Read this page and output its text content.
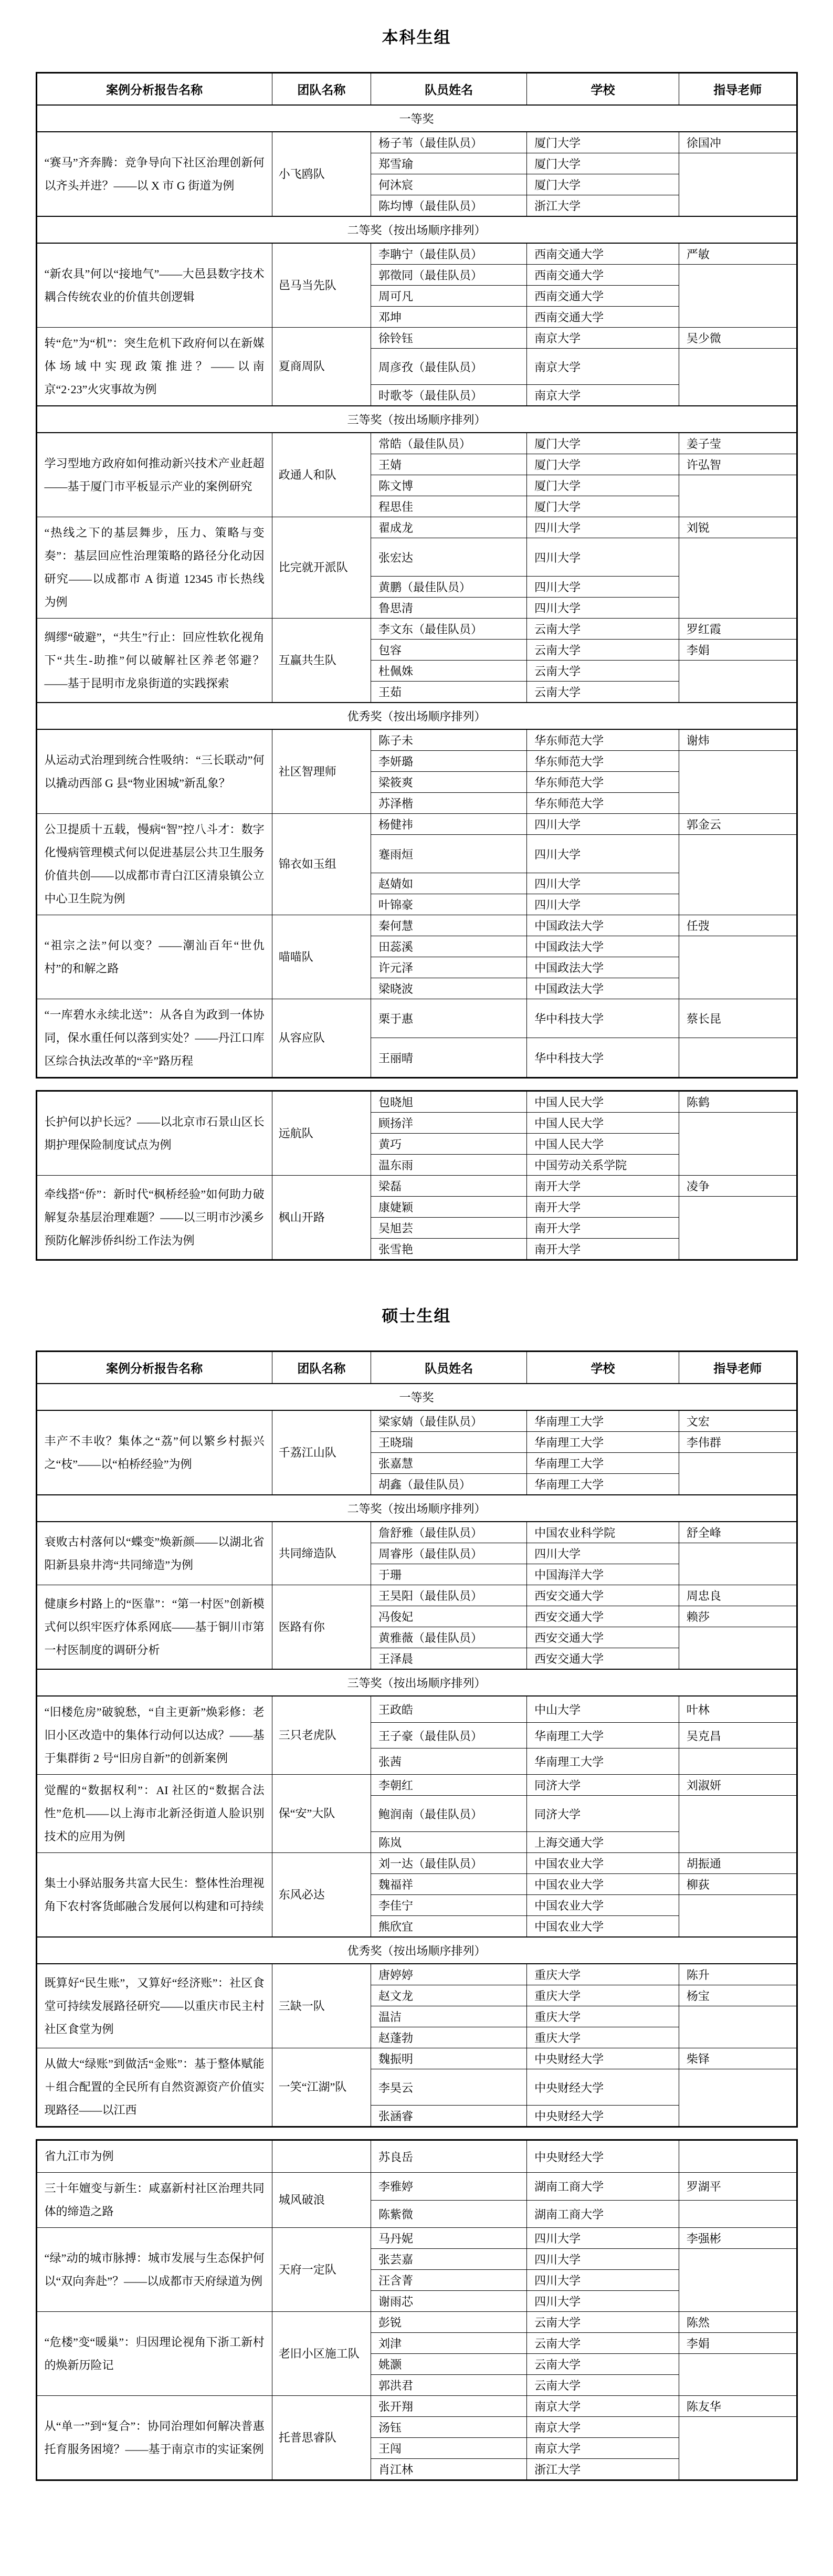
本科生组
案例分析报告名称	团队名称	队员姓名	学校	指导老师
一等奖				
“赛马”齐奔腾：竞争导向下社区治理创新何以齐头并进？——以 X 市 G 街道为例	小飞鸥队	杨子苇（最佳队员）	厦门大学	徐国冲
		郑雪瑜	厦门大学	
		何沐宸	厦门大学	
		陈均博（最佳队员）	浙江大学	
二等奖（按出场顺序排列）				
“新农具”何以“接地气”——大邑县数字技术耦合传统农业的价值共创逻辑	邑马当先队	李聃宁（最佳队员）	西南交通大学	严敏
		郭徵同（最佳队员）	西南交通大学	
		周可凡	西南交通大学	
		邓坤	西南交通大学	
转“危”为“机”：突生危机下政府何以在新媒体场域中实现政策推进？——以南京“2·23”火灾事故为例	夏商周队	徐铃钰	南京大学	吴少微
		周彦孜（最佳队员）	南京大学	
		时歌苓（最佳队员）	南京大学	
三等奖（按出场顺序排列）				
学习型地方政府如何推动新兴技术产业赶超——基于厦门市平板显示产业的案例研究	政通人和队	常皓（最佳队员）	厦门大学	姜子莹
		王婧	厦门大学	许弘智
		陈文博	厦门大学	
		程思佳	厦门大学	
“热线之下的基层舞步，压力、策略与变奏”：基层回应性治理策略的路径分化动因研究——以成都市 A 街道 12345 市长热线为例	比完就开派队	翟成龙	四川大学	刘锐
		张宏达	四川大学	
		黄鹏（最佳队员）	四川大学	
		鲁思清	四川大学	
绸缪“破避”，“共生”行止：回应性软化视角下“共生-助推”何以破解社区养老邻避？——基于昆明市龙泉街道的实践探索	互赢共生队	李文东（最佳队员）	云南大学	罗红霞
		包容	云南大学	李娟
		杜佩姝	云南大学	
		王茹	云南大学	
优秀奖（按出场顺序排列）				
从运动式治理到统合性吸纳：“三长联动”何以撬动西部 G 县“物业困城”新乱象？	社区智理师	陈子未	华东师范大学	谢炜
		李妍璐	华东师范大学	
		梁筱爽	华东师范大学	
		苏泽楷	华东师范大学	
公卫提质十五载，慢病“智”控八斗才：数字化慢病管理模式何以促进基层公共卫生服务价值共创——以成都市青白江区清泉镇公立中心卫生院为例	锦衣如玉组	杨健祎	四川大学	郭金云
		蹇雨烜	四川大学	
		赵婧如	四川大学	
		叶锦豪	四川大学	
“祖宗之法”何以变？——潮汕百年“世仇村”的和解之路	喵喵队	秦何慧	中国政法大学	任弢
		田蕊溪	中国政法大学	
		许元泽	中国政法大学	
		梁晓波	中国政法大学	
“一库碧水永续北送”：从各自为政到一体协同，保水重任何以落到实处？——丹江口库区综合执法改革的“辛”路历程	从容应队	栗于惠	华中科技大学	蔡长昆
		王丽晴	华中科技大学	
长护何以护长远？——以北京市石景山区长期护理保险制度试点为例	远航队	包晓旭	中国人民大学	陈鹤
		顾扬洋	中国人民大学	
		黄巧	中国人民大学	
		温东雨	中国劳动关系学院	
牵线搭“侨”：新时代“枫桥经验”如何助力破解复杂基层治理难题？——以三明市沙溪乡预防化解涉侨纠纷工作法为例	枫山开路	梁磊	南开大学	凌争
		康婕颖	南开大学	
		吴旭芸	南开大学	
		张雪艳	南开大学	
硕士生组
案例分析报告名称	团队名称	队员姓名	学校	指导老师
一等奖				
丰产不丰收？集体之“荔”何以繁乡村振兴之“枝”——以“柏桥经验”为例	千荔江山队	梁家婧（最佳队员）	华南理工大学	文宏
		王晓瑞	华南理工大学	李伟群
		张嘉慧	华南理工大学	
		胡鑫（最佳队员）	华南理工大学	
二等奖（按出场顺序排列）				
衰败古村落何以“蝶变”焕新颜——以湖北省阳新县泉井湾“共同缔造”为例	共同缔造队	詹舒雅（最佳队员）	中国农业科学院	舒全峰
		周睿彤（最佳队员）	四川大学	
		于珊	中国海洋大学	
健康乡村路上的“医靠”：“第一村医”创新模式何以织牢医疗体系网底——基于铜川市第一村医制度的调研分析	医路有你	王昊阳（最佳队员）	西安交通大学	周忠良
		冯俊妃	西安交通大学	赖莎
		黄雅薇（最佳队员）	西安交通大学	
		王泽晨	西安交通大学	
三等奖（按出场顺序排列）				
“旧楼危房”破貌愁，“自主更新”焕彩修：老旧小区改造中的集体行动何以达成？——基于集群街 2 号“旧房自新”的创新案例	三只老虎队	王政皓	中山大学	叶林
		王子豪（最佳队员）	华南理工大学	吴克昌
		张茜	华南理工大学	
觉醒的“数据权利”：AI 社区的“数据合法性”危机——以上海市北新泾街道人脸识别技术的应用为例	保“安”大队	李朝红	同济大学	刘淑妍
		鲍润南（最佳队员）	同济大学	
		陈岚	上海交通大学	
集士小驿站服务共富大民生：整体性治理视角下农村客货邮融合发展何以构建和可持续	东风必达	刘一达（最佳队员）	中国农业大学	胡振通
		魏福祥	中国农业大学	柳荻
		李佳宁	中国农业大学	
		熊欣宜	中国农业大学	
优秀奖（按出场顺序排列）				
既算好“民生账”，又算好“经济账”：社区食堂可持续发展路径研究——以重庆市民主村社区食堂为例	三缺一队	唐婷婷	重庆大学	陈升
		赵文龙	重庆大学	杨宝
		温洁	重庆大学	
		赵蓬勃	重庆大学	
从做大“绿账”到做活“金账”：基于整体赋能＋组合配置的全民所有自然资源资产价值实现路径——以江西	一笑“江湖”队	魏振明	中央财经大学	柴铎
		李昊云	中央财经大学	
		张涵睿	中央财经大学	
省九江市为例		苏良岳	中央财经大学	
三十年嬗变与新生：咸嘉新村社区治理共同体的缔造之路	城风破浪	李雅婷	湖南工商大学	罗湖平
		陈紫微	湖南工商大学	
“绿”动的城市脉搏：城市发展与生态保护何以“双向奔赴”？——以成都市天府绿道为例	天府一定队	马丹妮	四川大学	李强彬
		张芸嘉	四川大学	
		汪含菁	四川大学	
		谢雨芯	四川大学	
“危楼”变“暖巢”：归因理论视角下浙工新村的焕新历险记	老旧小区施工队	彭锐	云南大学	陈然
		刘津	云南大学	李娟
		姚灏	云南大学	
		郭洪君	云南大学	
从“单一”到“复合”：协同治理如何解决普惠托育服务困境？——基于南京市的实证案例	托普思睿队	张开翔	南京大学	陈友华
		汤钰	南京大学	
		王闯	南京大学	
		肖江林	浙江大学	
